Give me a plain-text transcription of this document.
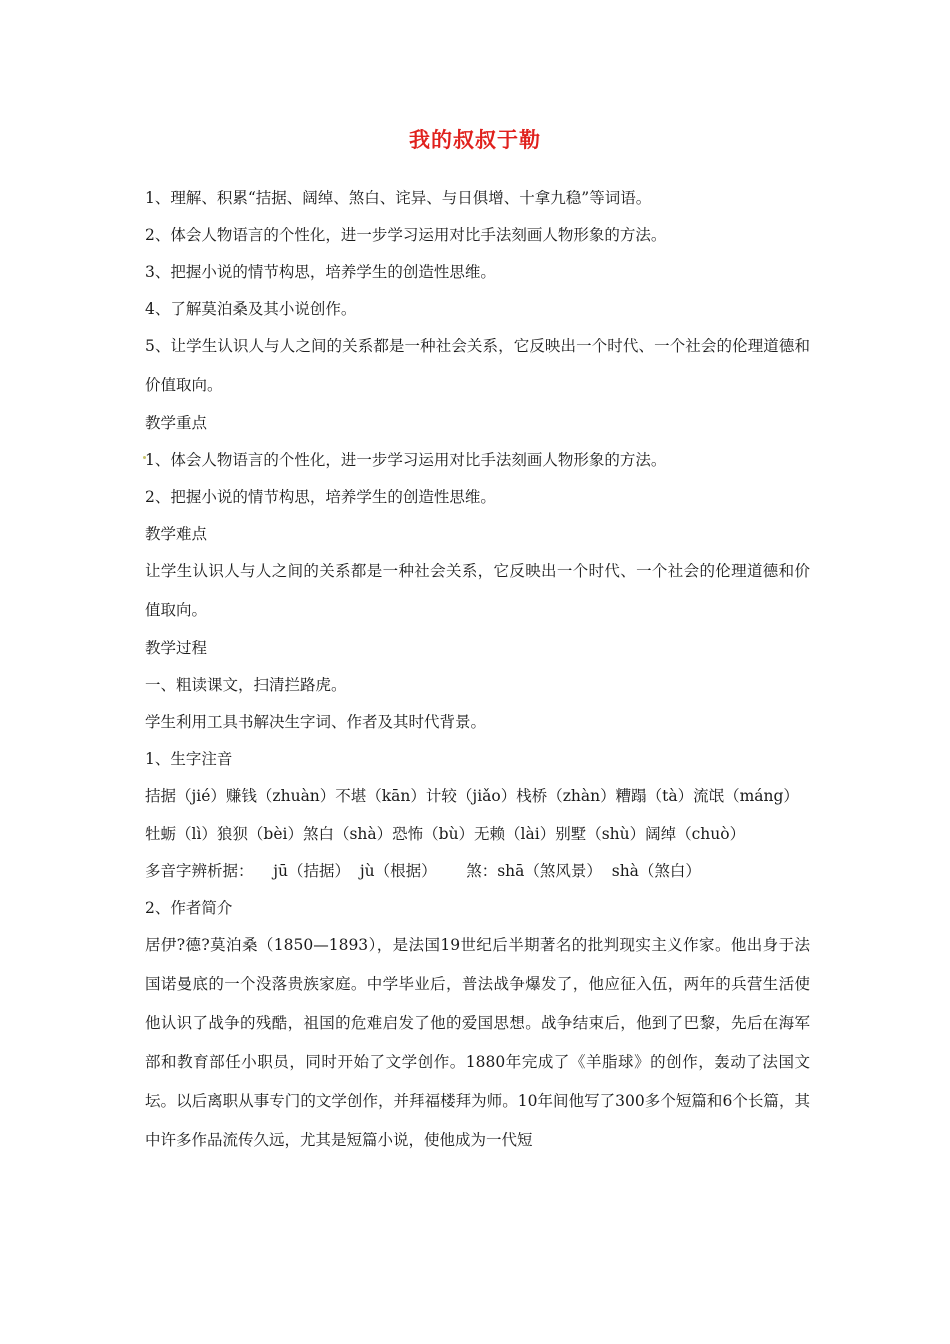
我的叔叔于勒

1、理解、积累“拮据、阔绰、煞白、诧异、与日俱增、十拿九稳”等词语。

2、体会人物语言的个性化，进一步学习运用对比手法刻画人物形象的方法。

3、把握小说的情节构思，培养学生的创造性思维。

4、了解莫泊桑及其小说创作。

5、让学生认识人与人之间的关系都是一种社会关系，它反映出一个时代、一个社会的伦理道德和价值取向。

教学重点

1、体会人物语言的个性化，进一步学习运用对比手法刻画人物形象的方法。

2、把握小说的情节构思，培养学生的创造性思维。

教学难点

让学生认识人与人之间的关系都是一种社会关系，它反映出一个时代、一个社会的伦理道德和价值取向。

教学过程

一、粗读课文，扫清拦路虎。

学生利用工具书解决生字词、作者及其时代背景。

1、生字注音

拮据（jié）赚钱（zhuàn）不堪（kān）计较（jiǎo）栈桥（zhàn）糟蹋（tà）流氓（máng）

牡蛎（lì）狼狈（bèi）煞白（shà）恐怖（bù）无赖（lài）别墅（shù）阔绰（chuò）

多音字辨析据：    jū（拮据）  jù（根据）      煞：shā（煞风景）  shà（煞白）

2、作者简介

居伊?德?莫泊桑（1850—1893），是法国19世纪后半期著名的批判现实主义作家。他出身于法国诺曼底的一个没落贵族家庭。中学毕业后，普法战争爆发了，他应征入伍，两年的兵营生活使他认识了战争的残酷，祖国的危难启发了他的爱国思想。战争结束后，他到了巴黎，先后在海军部和教育部任小职员，同时开始了文学创作。1880年完成了《羊脂球》的创作，轰动了法国文坛。以后离职从事专门的文学创作，并拜福楼拜为师。10年间他写了300多个短篇和6个长篇，其中许多作品流传久远，尤其是短篇小说，使他成为一代短
